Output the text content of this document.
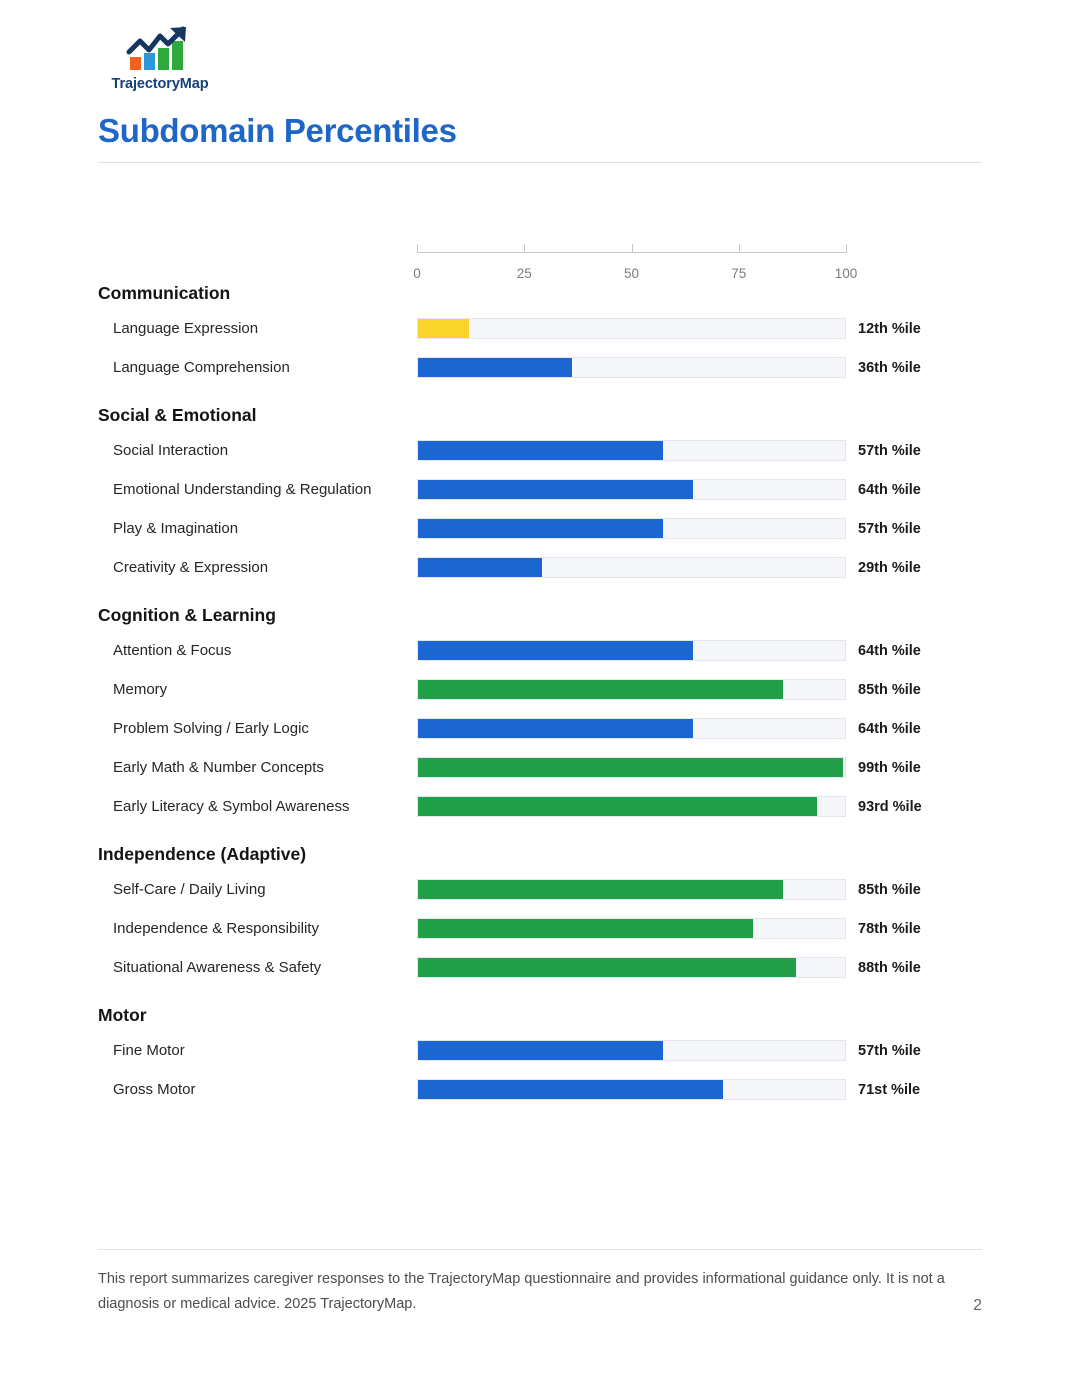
TrajectoryMap
Subdomain Percentiles
0	25	50	75	100
Communication
Language Expression	12th %ile
Language Comprehension	36th %ile
Social & Emotional
Social Interaction	57th %ile
Emotional Understanding & Regulation	64th %ile
Play & Imagination	57th %ile
Creativity & Expression	29th %ile
Cognition & Learning
Attention & Focus	64th %ile
Memory	85th %ile
Problem Solving / Early Logic	64th %ile
Early Math & Number Concepts	99th %ile
Early Literacy & Symbol Awareness	93rd %ile
Independence (Adaptive)
Self-Care / Daily Living	85th %ile
Independence & Responsibility	78th %ile
Situational Awareness & Safety	88th %ile
Motor
Fine Motor	57th %ile
Gross Motor	71st %ile
This report summarizes caregiver responses to the TrajectoryMap questionnaire and provides informational guidance only. It is not a diagnosis or medical advice. 2025 TrajectoryMap.	2
